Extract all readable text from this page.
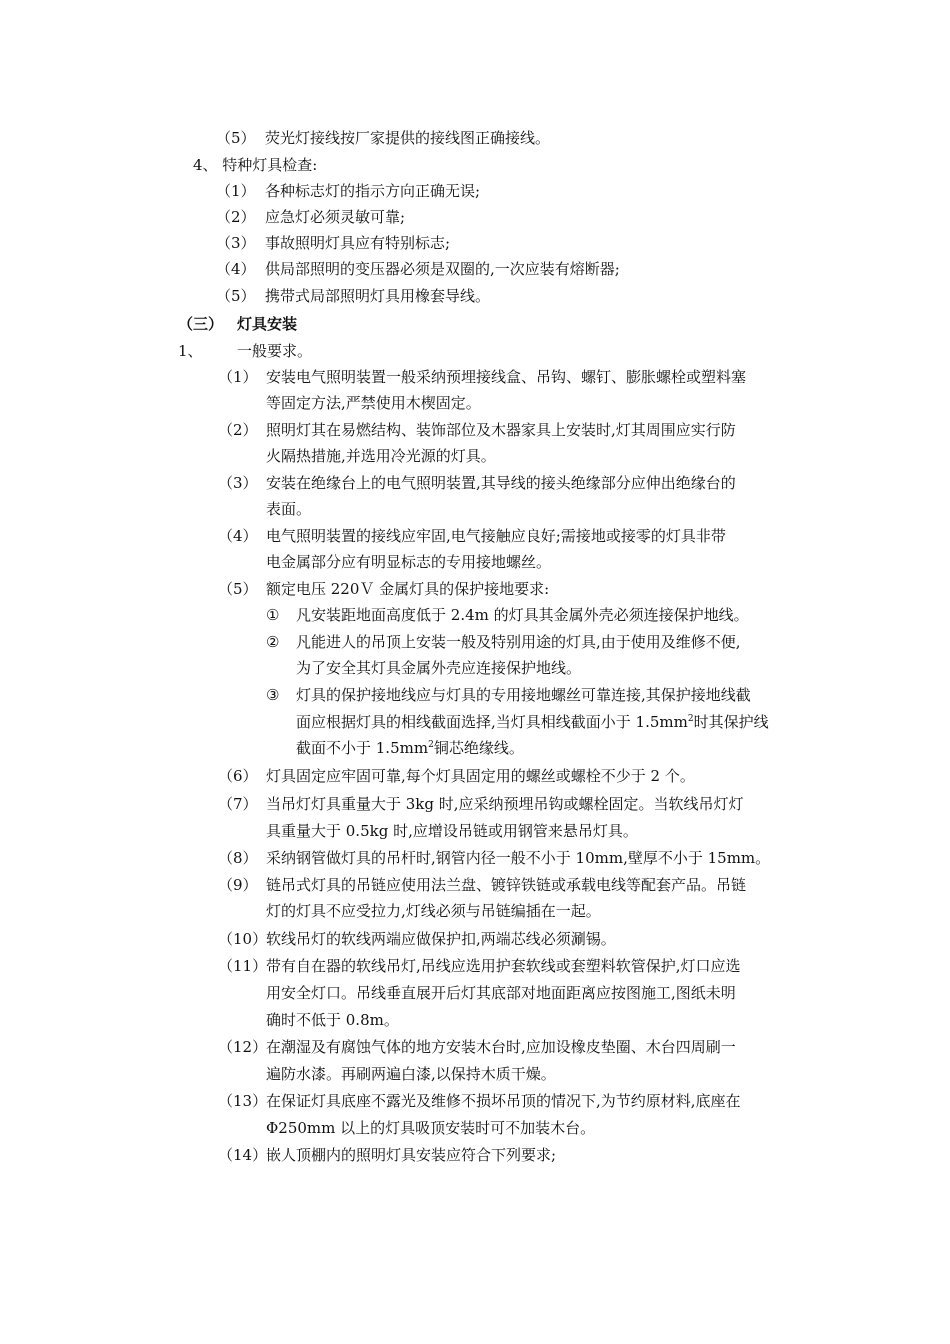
（5） 荧光灯接线按厂家提供的接线图正确接线。
4、 特种灯具检查:
（1） 各种标志灯的指示方向正确无误;
（2） 应急灯必须灵敏可靠;
（3） 事故照明灯具应有特别标志;
（4） 供局部照明的变压器必须是双圈的,一次应装有熔断器;
（5） 携带式局部照明灯具用橡套导线。
（三） 灯具安装
1、 一般要求。
（1） 安装电气照明装置一般采纳预埋接线盒、吊钩、螺钉、膨胀螺栓或塑料塞
等固定方法,严禁使用木楔固定。
（2） 照明灯其在易燃结构、装饰部位及木器家具上安装时,灯其周围应实行防
火隔热措施,并选用冷光源的灯具。
（3） 安装在绝缘台上的电气照明装置,其导线的接头绝缘部分应伸出绝缘台的
表面。
（4） 电气照明装置的接线应牢固,电气接触应良好;需接地或接零的灯具非带
电金属部分应有明显标志的专用接地螺丝。
（5） 额定电压 220Ｖ 金属灯具的保护接地要求:
① 凡安装距地面高度低于 2.4m 的灯具其金属外壳必须连接保护地线。
② 凡能进人的吊顶上安装一般及特别用途的灯具,由于使用及维修不便,
为了安全其灯具金属外壳应连接保护地线。
③ 灯具的保护接地线应与灯具的专用接地螺丝可靠连接,其保护接地线截
面应根据灯具的相线截面选择,当灯具相线截面小于 $1.5mm^2$时其保护线
截面不小于 $1.5mm^2$铜芯绝缘线。
（6） 灯具固定应牢固可靠,每个灯具固定用的螺丝或螺栓不少于 2 个。
（7） 当吊灯灯具重量大于 3kg 时,应采纳预埋吊钩或螺栓固定。当软线吊灯灯
具重量大于 0.5kg 时,应增设吊链或用钢管来悬吊灯具。
（8） 采纳钢管做灯具的吊杆时,钢管内径一般不小于 10mm,壁厚不小于 15mm。
（9） 链吊式灯具的吊链应使用法兰盘、镀锌铁链或承载电线等配套产品。吊链
灯的灯具不应受拉力,灯线必须与吊链编插在一起。
（10）
软线吊灯的软线两端应做保护扣,两端芯线必须涮锡。
（11）
带有自在器的软线吊灯,吊线应选用护套软线或套塑料软管保护,灯口应选
用安全灯口。吊线垂直展开后灯其底部对地面距离应按图施工,图纸未明
确时不低于 0.8m。
（12）
在潮湿及有腐蚀气体的地方安装木台时,应加设橡皮垫圈、木台四周刷一
遍防水漆。再刷两遍白漆,以保持木质干燥。
（13）
在保证灯具底座不露光及维修不损坏吊顶的情况下,为节约原材料,底座在
Φ250mm 以上的灯具吸顶安装时可不加装木台。
（14）
嵌人顶棚内的照明灯具安装应符合下列要求;
